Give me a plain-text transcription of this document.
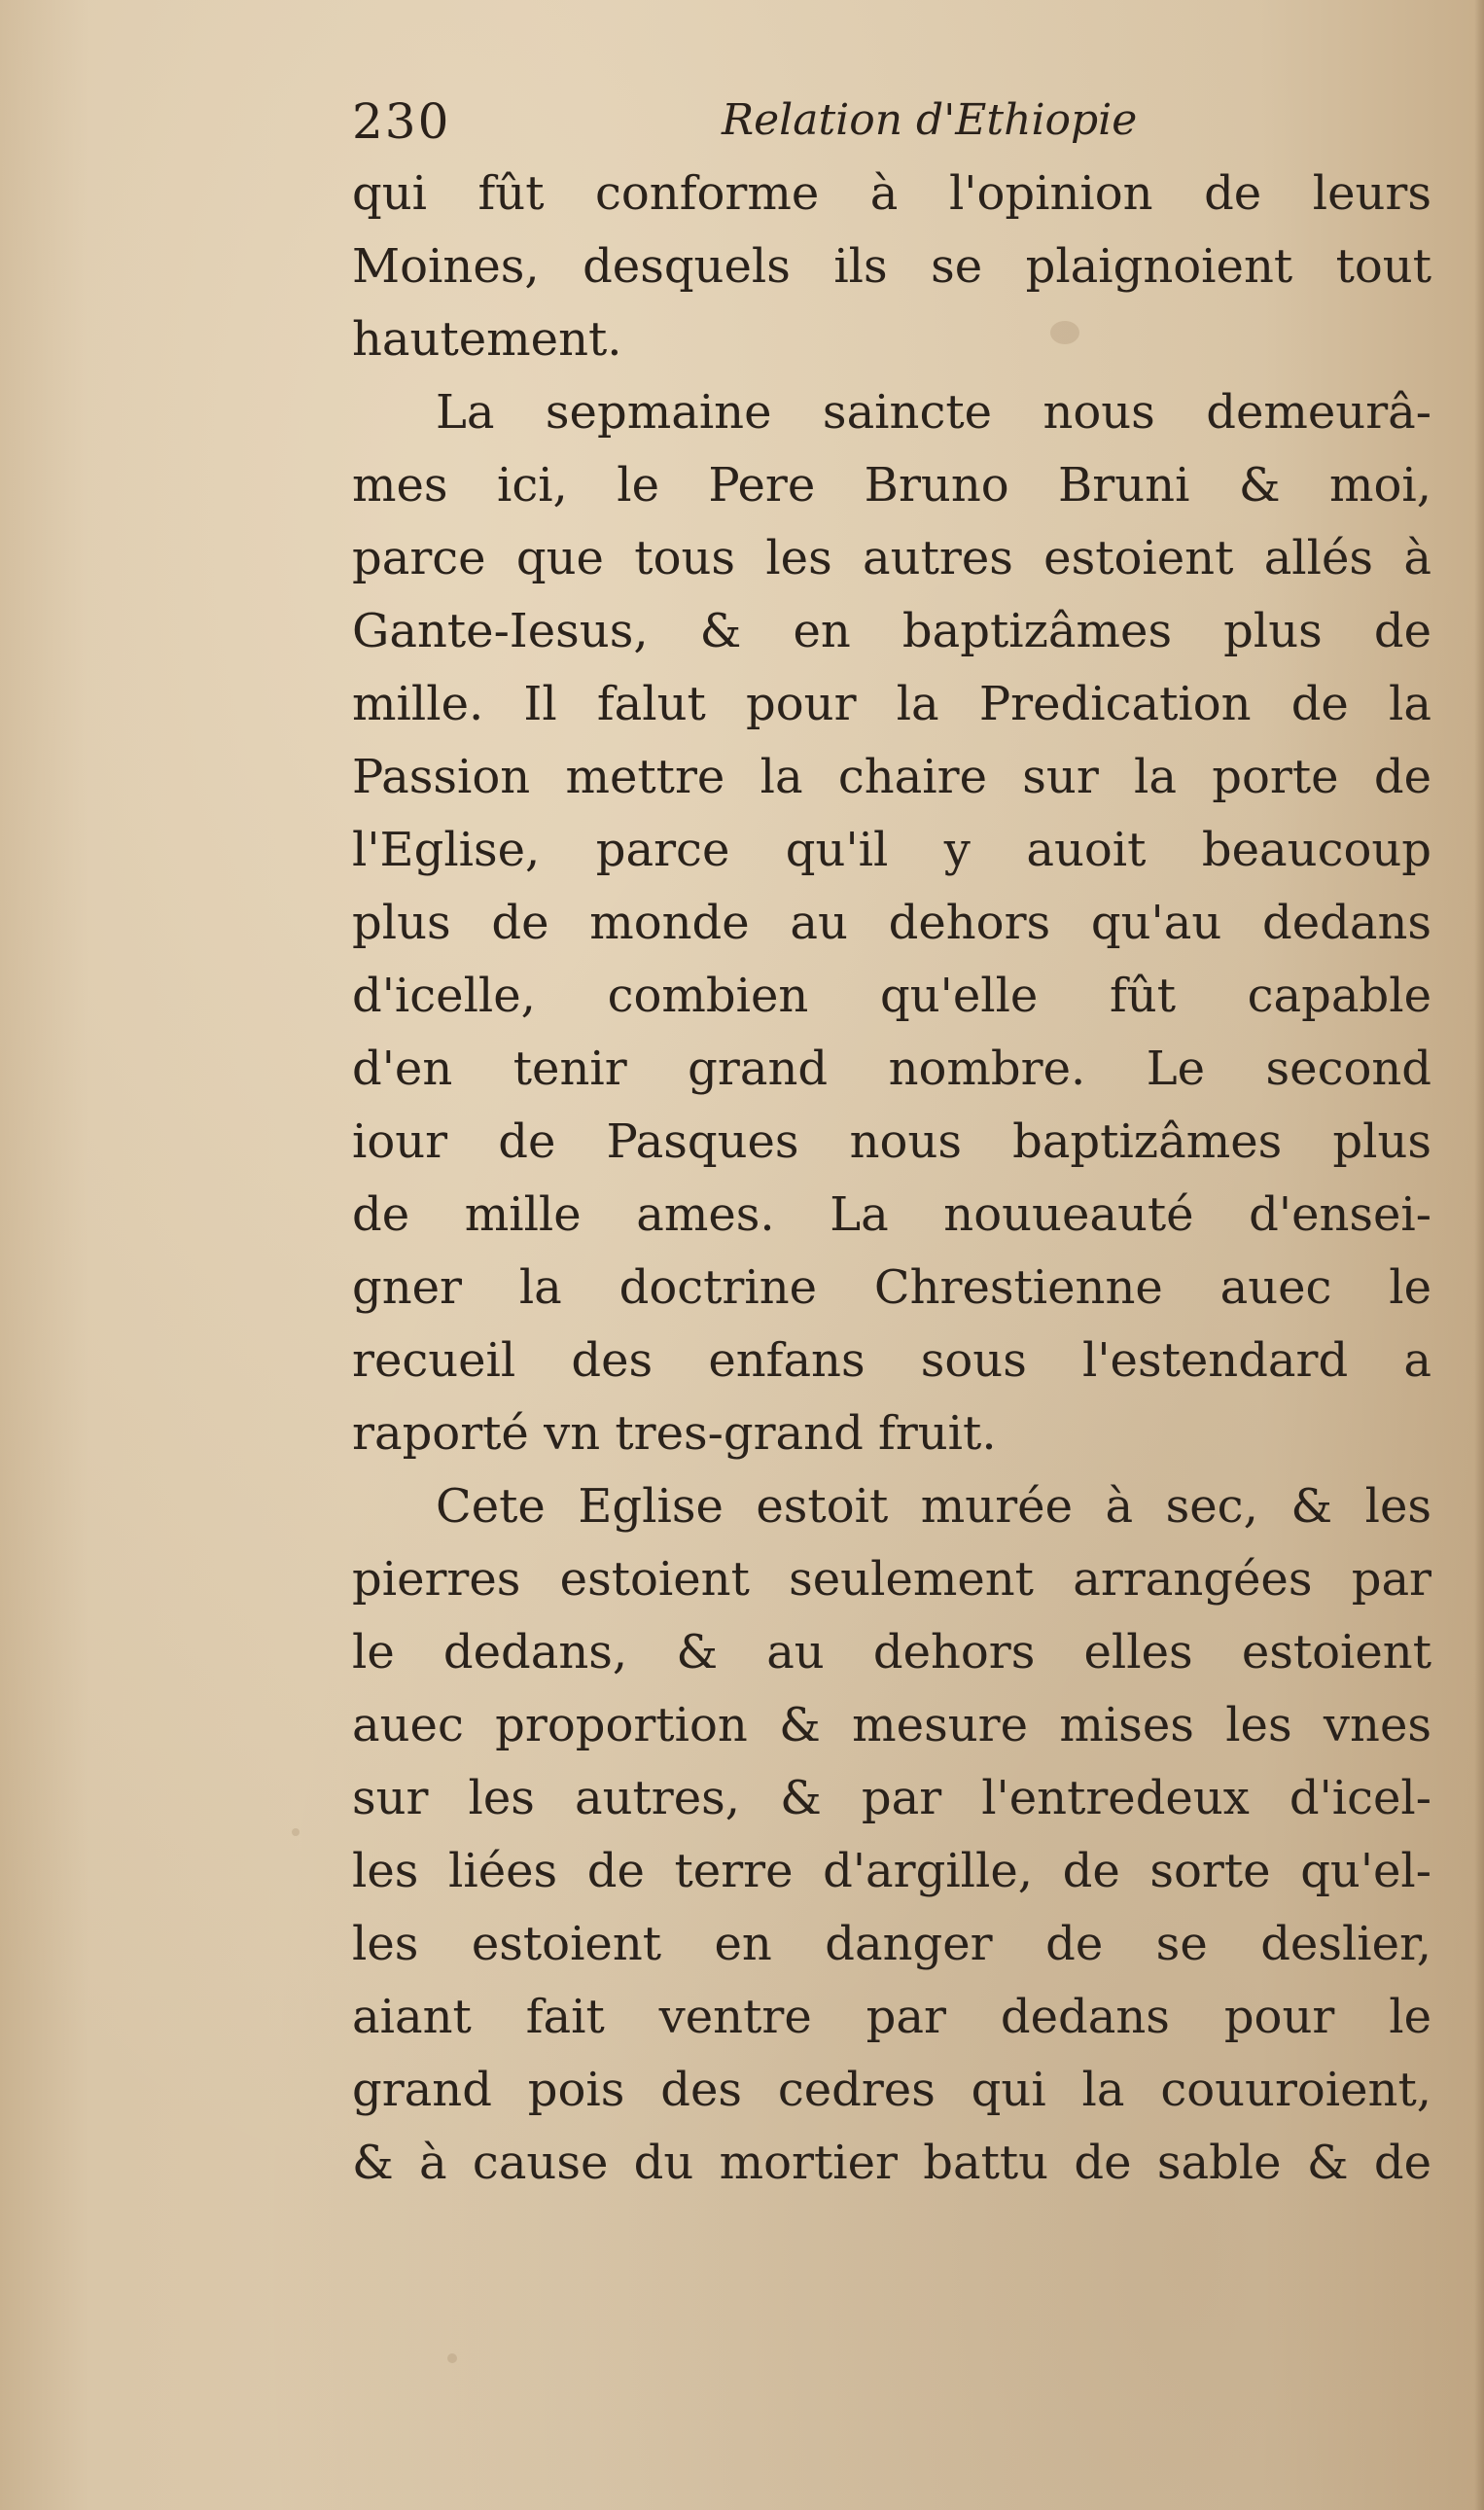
230	Relation d'Ethiopie
qui fût conforme à l'opinion de leurs
Moines, desquels ils se plaignoient tout
hautement.
La sepmaine saincte nous demeurâ-
mes ici, le Pere Bruno Bruni & moi,
parce que tous les autres estoient allés à
Gante-Iesus, & en baptizâmes plus de
mille. Il falut pour la Predication de la
Passion mettre la chaire sur la porte de
l'Eglise, parce qu'il y auoit beaucoup
plus de monde au dehors qu'au dedans
d'icelle, combien qu'elle fût capable
d'en tenir grand nombre. Le second
iour de Pasques nous baptizâmes plus
de mille ames. La nouueauté d'ensei-
gner la doctrine Chrestienne auec le
recueil des enfans sous l'estendard a
raporté vn tres-grand fruit.
Cete Eglise estoit murée à sec, & les
pierres estoient seulement arrangées par
le dedans, & au dehors elles estoient
auec proportion & mesure mises les vnes
sur les autres, & par l'entredeux d'icel-
les liées de terre d'argille, de sorte qu'el-
les estoient en danger de se deslier,
aiant fait ventre par dedans pour le
grand pois des cedres qui la couuroient,
& à cause du mortier battu de sable & de
